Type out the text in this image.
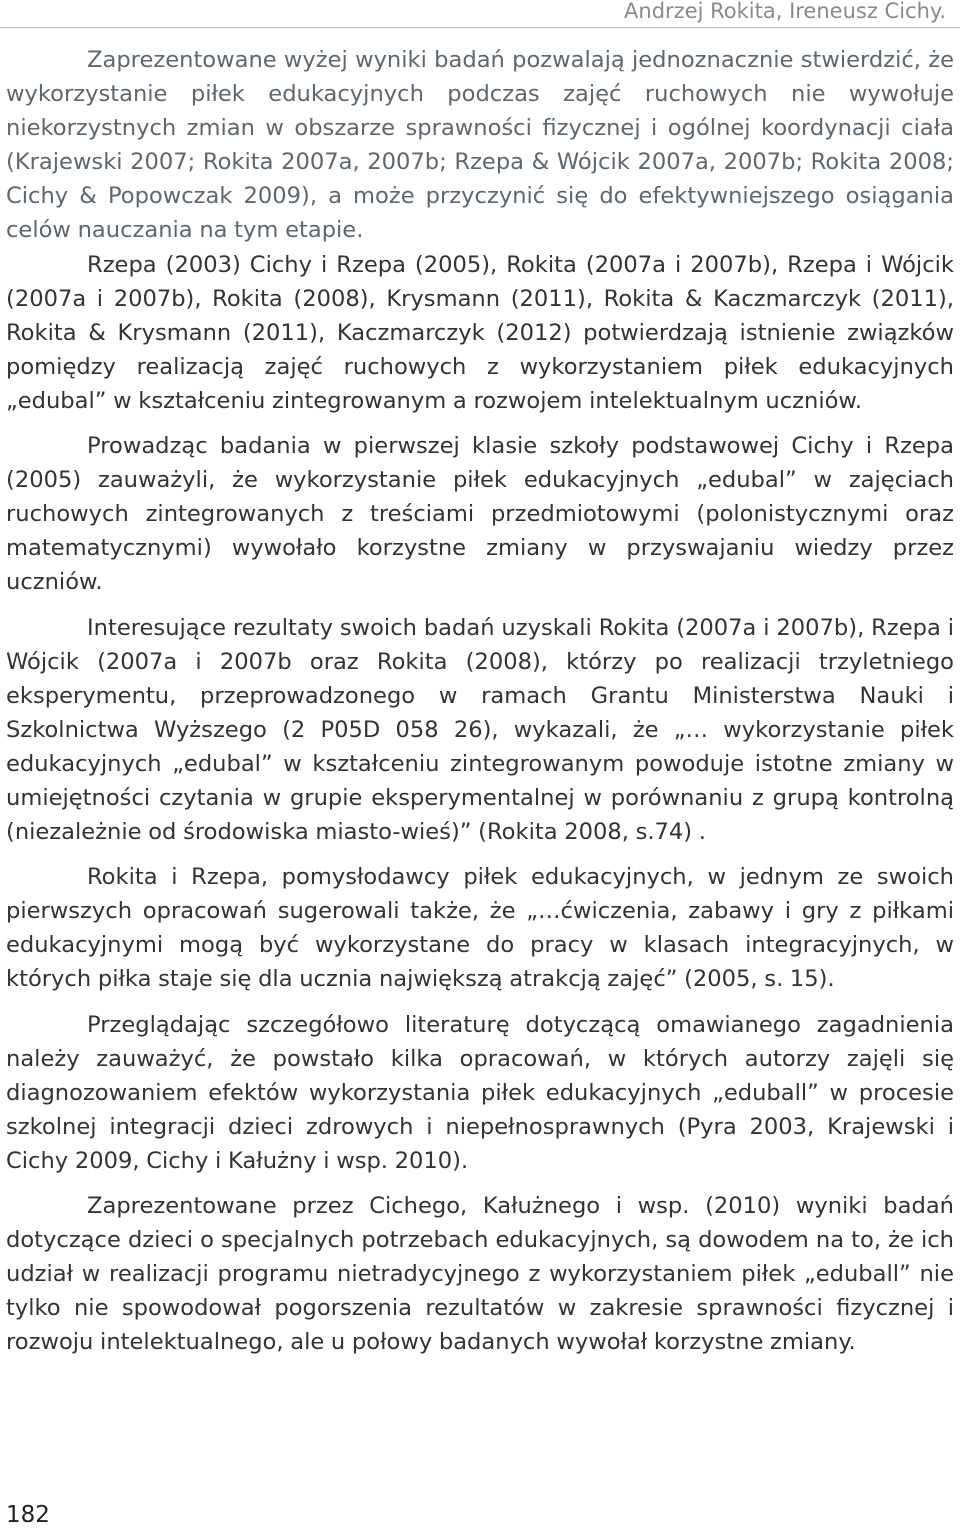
Andrzej Rokita, Ireneusz Cichy.

Zaprezentowane wyżej wyniki badań pozwalają jednoznacznie stwierdzić, że wykorzystanie piłek edukacyjnych podczas zajęć ruchowych nie wywołuje niekorzystnych zmian w obszarze sprawności fizycznej i ogólnej koordynacji ciała (Krajewski 2007; Rokita 2007a, 2007b; Rzepa & Wójcik 2007a, 2007b; Rokita 2008; Cichy & Popowczak 2009), a może przyczynić się do efektywniejszego osiągania celów nauczania na tym etapie.

Rzepa (2003) Cichy i Rzepa (2005), Rokita (2007a i 2007b), Rzepa i Wójcik (2007a i 2007b), Rokita (2008), Krysmann (2011), Rokita & Kaczmarczyk (2011), Rokita & Krysmann (2011), Kaczmarczyk (2012) potwierdzają istnienie związków pomiędzy realizacją zajęć ruchowych z wykorzystaniem piłek edukacyjnych „edubal” w kształceniu zintegrowanym a rozwojem intelektualnym uczniów.

Prowadząc badania w pierwszej klasie szkoły podstawowej Cichy i Rzepa (2005) zauważyli, że wykorzystanie piłek edukacyjnych „edubal” w zajęciach ruchowych zintegrowanych z treściami przedmiotowymi (polonistycznymi oraz matematycznymi) wywołało korzystne zmiany w przyswajaniu wiedzy przez uczniów.

Interesujące rezultaty swoich badań uzyskali Rokita (2007a i 2007b), Rzepa i Wójcik (2007a i 2007b oraz Rokita (2008), którzy po realizacji trzyletniego eksperymentu, przeprowadzonego w ramach Grantu Ministerstwa Nauki i Szkolnictwa Wyższego (2 P05D 058 26), wykazali, że „… wykorzystanie piłek edukacyjnych „edubal” w kształceniu zintegrowanym powoduje istotne zmiany w umiejętności czytania w grupie eksperymentalnej w porównaniu z grupą kontrolną (niezależnie od środowiska miasto-wieś)” (Rokita 2008, s.74) .

Rokita i Rzepa, pomysłodawcy piłek edukacyjnych, w jednym ze swoich pierwszych opracowań sugerowali także, że „…ćwiczenia, zabawy i gry z piłkami edukacyjnymi mogą być wykorzystane do pracy w klasach integracyjnych, w których piłka staje się dla ucznia największą atrakcją zajęć” (2005, s. 15).

Przeglądając szczegółowo literaturę dotyczącą omawianego zagadnienia należy zauważyć, że powstało kilka opracowań, w których autorzy zajęli się diagnozowaniem efektów wykorzystania piłek edukacyjnych „eduball” w procesie szkolnej integracji dzieci zdrowych i niepełnosprawnych (Pyra 2003, Krajewski i Cichy 2009, Cichy i Kałużny i wsp. 2010).

Zaprezentowane przez Cichego, Kałużnego i wsp. (2010) wyniki badań dotyczące dzieci o specjalnych potrzebach edukacyjnych, są dowodem na to, że ich udział w realizacji programu nietradycyjnego z wykorzystaniem piłek „eduball” nie tylko nie spowodował pogorszenia rezultatów w zakresie sprawności fizycznej i rozwoju intelektualnego, ale u połowy badanych wywołał korzystne zmiany.

182
